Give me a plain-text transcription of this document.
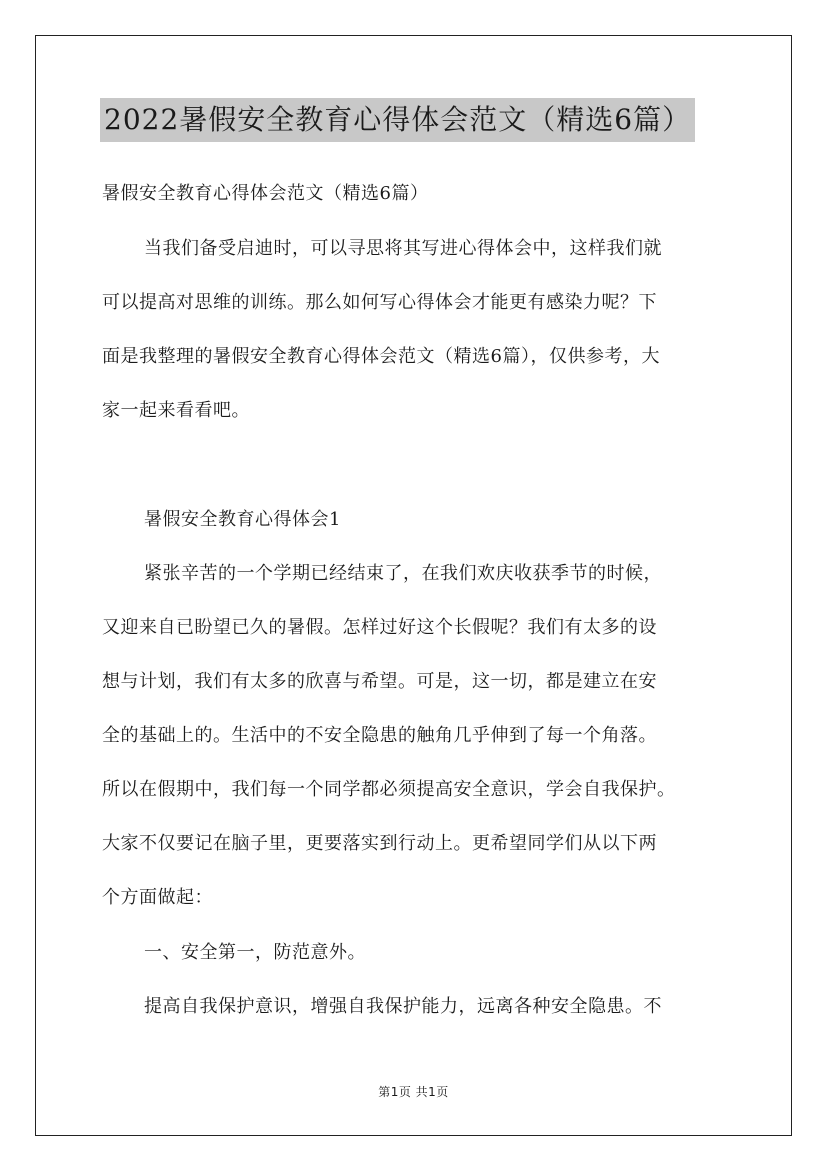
2022暑假安全教育心得体会范文（精选6篇）
暑假安全教育心得体会范文（精选6篇）
当我们备受启迪时，可以寻思将其写进心得体会中，这样我们就
可以提高对思维的训练。那么如何写心得体会才能更有感染力呢？下
面是我整理的暑假安全教育心得体会范文（精选6篇），仅供参考，大
家一起来看看吧。
暑假安全教育心得体会1
紧张辛苦的一个学期已经结束了，在我们欢庆收获季节的时候，
又迎来自已盼望已久的暑假。怎样过好这个长假呢？我们有太多的设
想与计划，我们有太多的欣喜与希望。可是，这一切，都是建立在安
全的基础上的。生活中的不安全隐患的触角几乎伸到了每一个角落。
所以在假期中，我们每一个同学都必须提高安全意识，学会自我保护。
大家不仅要记在脑子里，更要落实到行动上。更希望同学们从以下两
个方面做起：
一、安全第一，防范意外。
提高自我保护意识，增强自我保护能力，远离各种安全隐患。不
第1页 共1页
